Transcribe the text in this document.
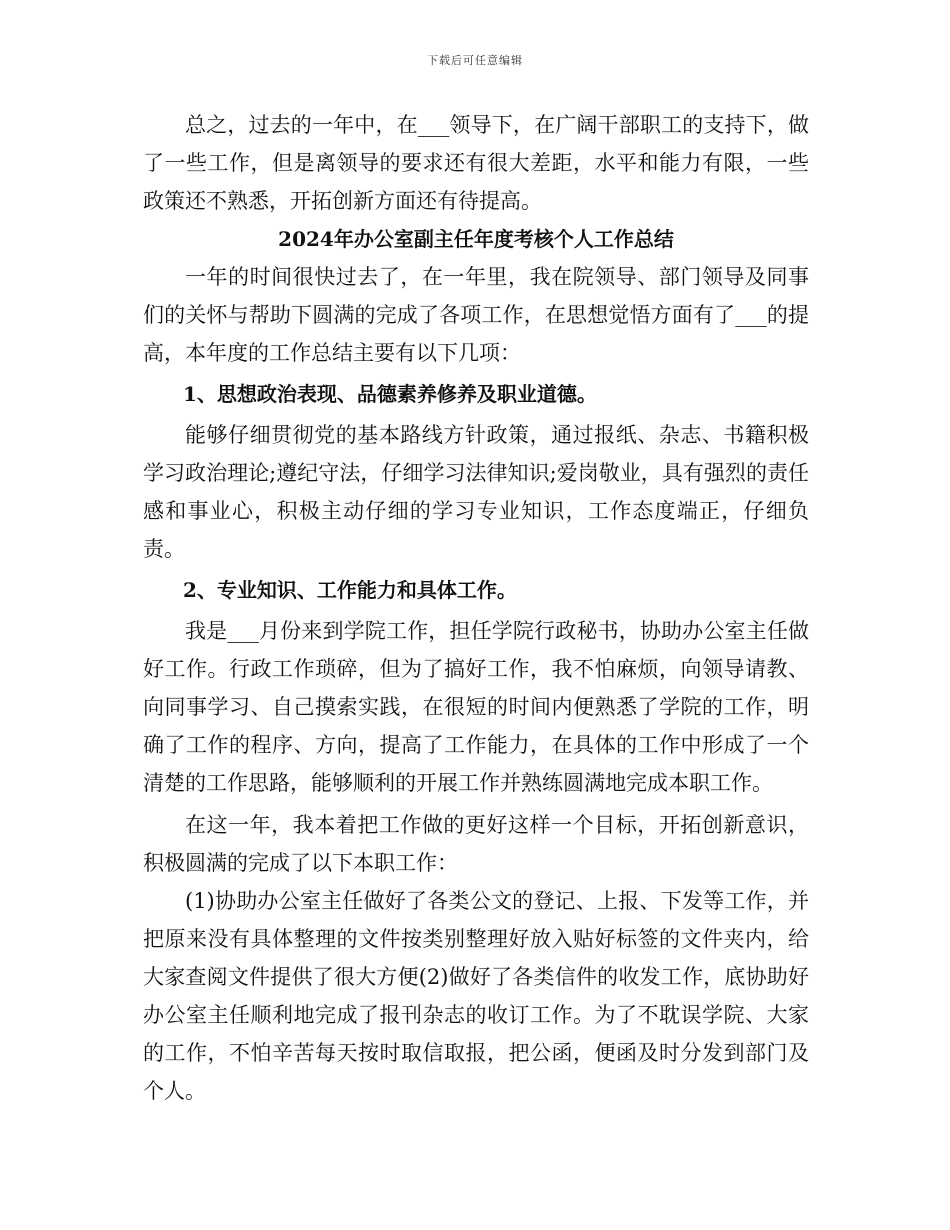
下载后可任意编辑

总之，过去的一年中，在___领导下，在广阔干部职工的支持下，做了一些工作，但是离领导的要求还有很大差距，水平和能力有限，一些政策还不熟悉，开拓创新方面还有待提高。

2024年办公室副主任年度考核个人工作总结

一年的时间很快过去了，在一年里，我在院领导、部门领导及同事们的关怀与帮助下圆满的完成了各项工作，在思想觉悟方面有了___的提高，本年度的工作总结主要有以下几项：

1、思想政治表现、品德素养修养及职业道德。

能够仔细贯彻党的基本路线方针政策，通过报纸、杂志、书籍积极学习政治理论;遵纪守法，仔细学习法律知识;爱岗敬业，具有强烈的责任感和事业心，积极主动仔细的学习专业知识，工作态度端正，仔细负责。

2、专业知识、工作能力和具体工作。

我是___月份来到学院工作，担任学院行政秘书，协助办公室主任做好工作。行政工作琐碎，但为了搞好工作，我不怕麻烦，向领导请教、向同事学习、自己摸索实践，在很短的时间内便熟悉了学院的工作，明确了工作的程序、方向，提高了工作能力，在具体的工作中形成了一个清楚的工作思路，能够顺利的开展工作并熟练圆满地完成本职工作。

在这一年，我本着把工作做的更好这样一个目标，开拓创新意识，积极圆满的完成了以下本职工作：

(1)协助办公室主任做好了各类公文的登记、上报、下发等工作，并把原来没有具体整理的文件按类别整理好放入贴好标签的文件夹内，给大家查阅文件提供了很大方便(2)做好了各类信件的收发工作，底协助好办公室主任顺利地完成了报刊杂志的收订工作。为了不耽误学院、大家的工作，不怕辛苦每天按时取信取报，把公函，便函及时分发到部门及个人。
